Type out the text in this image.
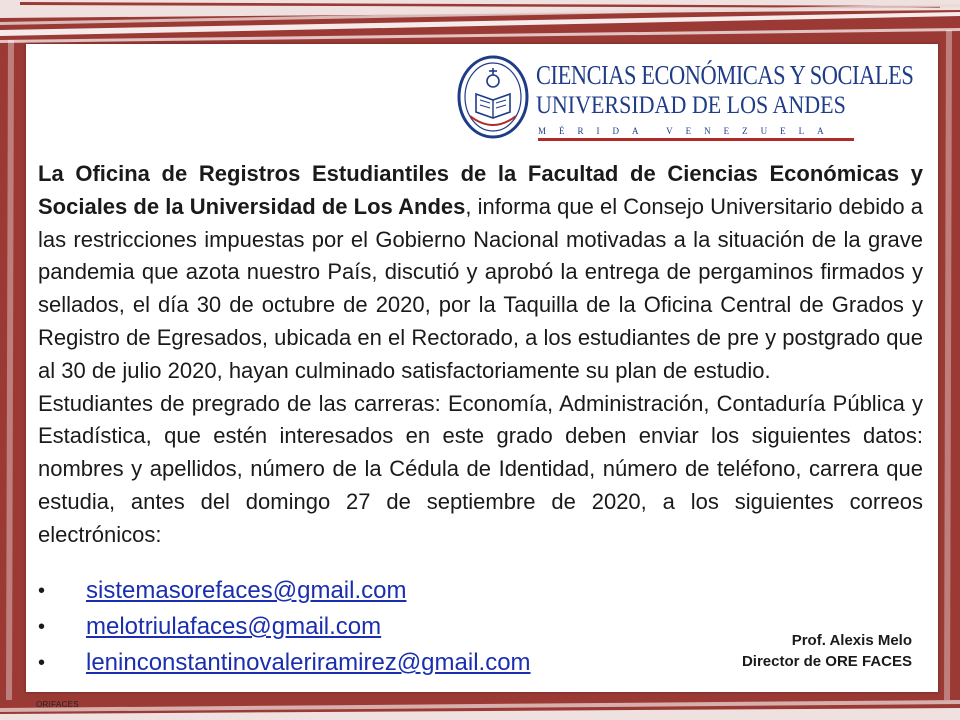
CIENCIAS ECONÓMICAS Y SOCIALES
UNIVERSIDAD DE LOS ANDES
MÉRIDA VENEZUELA

La Oficina de Registros Estudiantiles de la Facultad de Ciencias Económicas y Sociales de la Universidad de Los Andes, informa que el Consejo Universitario debido a las restricciones impuestas por el Gobierno Nacional motivadas a la situación de la grave pandemia que azota nuestro País, discutió y aprobó la entrega de pergaminos firmados y sellados, el día 30 de octubre de 2020, por la Taquilla de la Oficina Central de Grados y Registro de Egresados, ubicada en el Rectorado, a los estudiantes de pre y postgrado que al 30 de julio 2020, hayan culminado satisfactoriamente su plan de estudio.

Estudiantes de pregrado de las carreras: Economía, Administración, Contaduría Pública y Estadística, que estén interesados en este grado deben enviar los siguientes datos: nombres y apellidos, número de la Cédula de Identidad, número de teléfono, carrera que estudia, antes del domingo 27 de septiembre de 2020, a los siguientes correos electrónicos:

•	sistemasorefaces@gmail.com
•	melotriulafaces@gmail.com
•	leninconstantinovaleriramirez@gmail.com
Prof. Alexis Melo
Director de ORE FACES
ORIFACES
